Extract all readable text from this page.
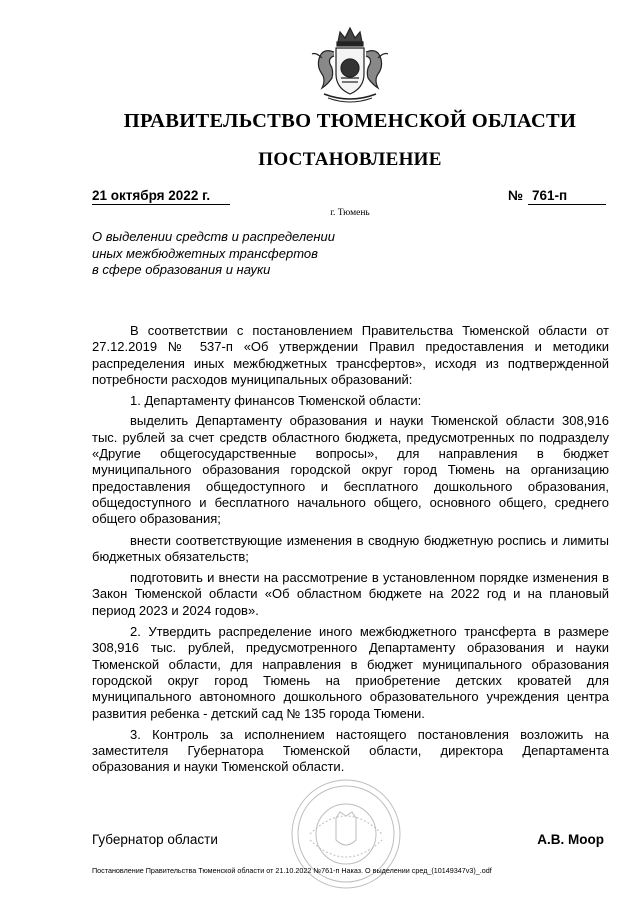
ПРАВИТЕЛЬСТВО ТЮМЕНСКОЙ ОБЛАСТИ
ПОСТАНОВЛЕНИЕ
21 октября 2022 г.	№ 761-п
г. Тюмень
О выделении средств и распределении
иных межбюджетных трансфертов
в сфере образования и науки

В соответствии с постановлением Правительства Тюменской области от 27.12.2019 № 537-п «Об утверждении Правил предоставления и методики распределения иных межбюджетных трансфертов», исходя из подтвержденной потребности расходов муниципальных образований:

1. Департаменту финансов Тюменской области:

выделить Департаменту образования и науки Тюменской области 308,916 тыс. рублей за счет средств областного бюджета, предусмотренных по подразделу «Другие общегосударственные вопросы», для направления в бюджет муниципального образования городской округ город Тюмень на организацию предоставления общедоступного и бесплатного дошкольного образования, общедоступного и бесплатного начального общего, основного общего, среднего общего образования;

внести соответствующие изменения в сводную бюджетную роспись и лимиты бюджетных обязательств;

подготовить и внести на рассмотрение в установленном порядке изменения в Закон Тюменской области «Об областном бюджете на 2022 год и на плановый период 2023 и 2024 годов».

2. Утвердить распределение иного межбюджетного трансферта в размере 308,916 тыс. рублей, предусмотренного Департаменту образования и науки Тюменской области, для направления в бюджет муниципального образования городской округ город Тюмень на приобретение детских кроватей для муниципального автономного дошкольного образовательного учреждения центра развития ребенка - детский сад № 135 города Тюмени.

3. Контроль за исполнением настоящего постановления возложить на заместителя Губернатора Тюменской области, директора Департамента образования и науки Тюменской области.

Губернатор области	А.В. Моор
Постановление Правительства Тюменской области от 21.10.2022 №761-п Наказ. О выделении сред_(10149347v3)_.odf
